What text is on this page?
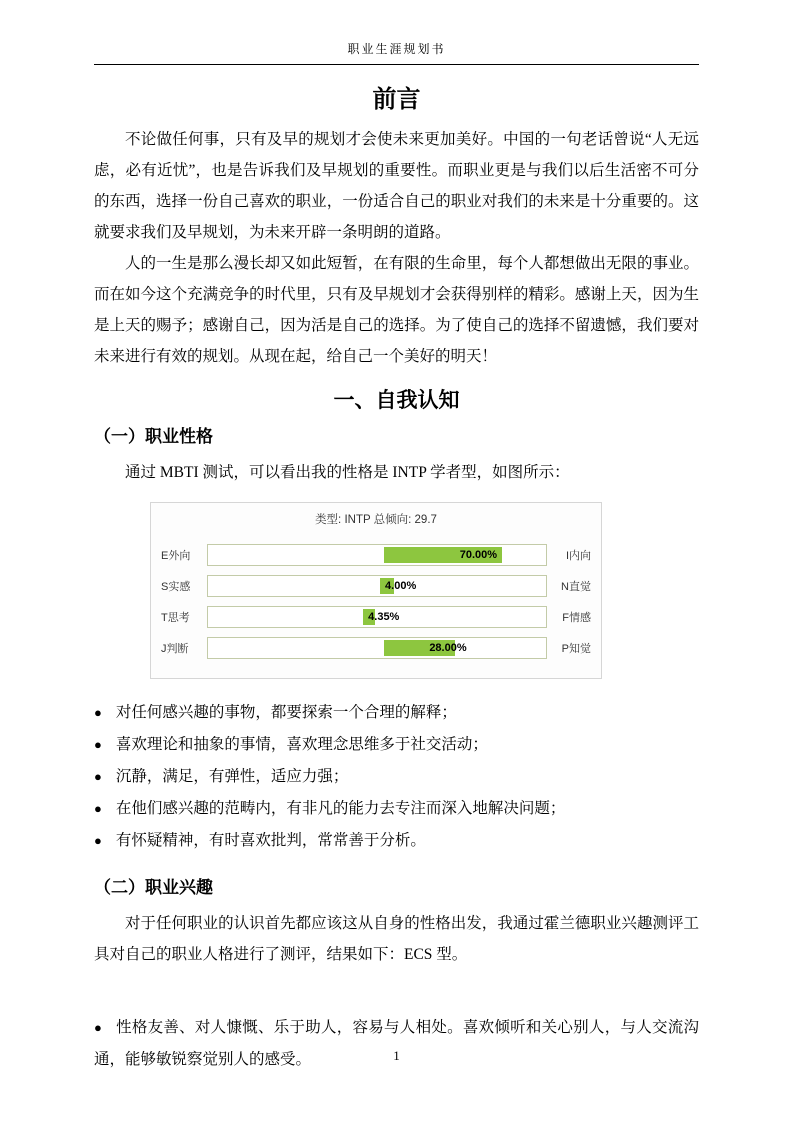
职业生涯规划书
前言

不论做任何事，只有及早的规划才会使未来更加美好。中国的一句老话曾说“人无远虑，必有近忧”，也是告诉我们及早规划的重要性。而职业更是与我们以后生活密不可分的东西，选择一份自己喜欢的职业，一份适合自己的职业对我们的未来是十分重要的。这就要求我们及早规划，为未来开辟一条明朗的道路。

人的一生是那么漫长却又如此短暂，在有限的生命里，每个人都想做出无限的事业。而在如今这个充满竞争的时代里，只有及早规划才会获得别样的精彩。感谢上天，因为生是上天的赐予；感谢自己，因为活是自己的选择。为了使自己的选择不留遗憾，我们要对未来进行有效的规划。从现在起，给自己一个美好的明天！

一、自我认知
（一）职业性格

通过 MBTI 测试，可以看出我的性格是 INTP 学者型，如图所示：

类型: INTP 总倾向: 29.7
E外向	70.00%	I内向
S实感	4.00%	N直觉
T思考	4.35%	F情感
J判断	28.00%	P知觉
● 对任何感兴趣的事物，都要探索一个合理的解释；
● 喜欢理论和抽象的事情，喜欢理念思维多于社交活动；
● 沉静，满足，有弹性，适应力强；
● 在他们感兴趣的范畴内，有非凡的能力去专注而深入地解决问题；
● 有怀疑精神，有时喜欢批判，常常善于分析。
（二）职业兴趣

对于任何职业的认识首先都应该这从自身的性格出发，我通过霍兰德职业兴趣测评工具对自己的职业人格进行了测评，结果如下：ECS 型。

● 性格友善、对人慷慨、乐于助人，容易与人相处。喜欢倾听和关心别人，与人交流沟通，能够敏锐察觉别人的感受。	1
